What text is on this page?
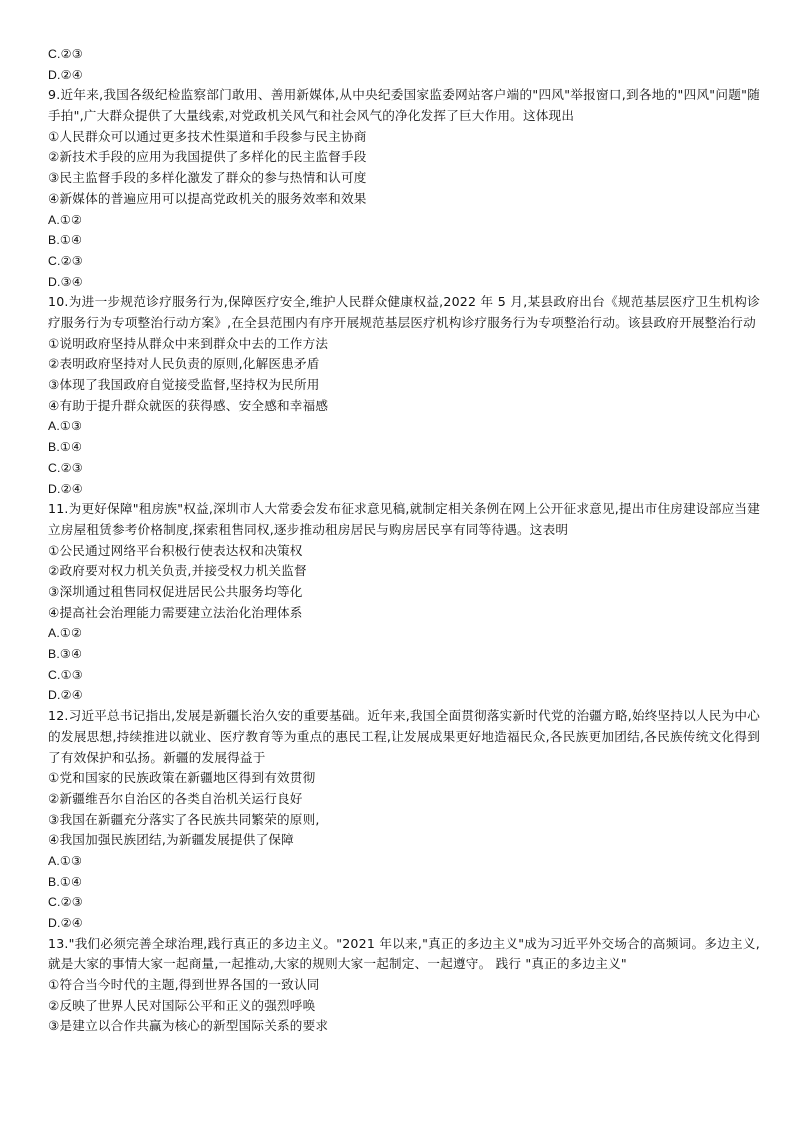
C.②③
D.②④
9.近年来,我国各级纪检监察部门敢用、善用新媒体,从中央纪委国家监委网站客户端的"四风"举报窗口,到各地的"四风"问题"随手拍",广大群众提供了大量线索,对党政机关风气和社会风气的净化发挥了巨大作用。这体现出
①人民群众可以通过更多技术性渠道和手段参与民主协商
②新技术手段的应用为我国提供了多样化的民主监督手段
③民主监督手段的多样化激发了群众的参与热情和认可度
④新媒体的普遍应用可以提高党政机关的服务效率和效果
A.①②
B.①④
C.②③
D.③④
10.为进一步规范诊疗服务行为,保障医疗安全,维护人民群众健康权益,2022 年 5 月,某县政府出台《规范基层医疗卫生机构诊疗服务行为专项整治行动方案》,在全县范围内有序开展规范基层医疗机构诊疗服务行为专项整治行动。该县政府开展整治行动
①说明政府坚持从群众中来到群众中去的工作方法
②表明政府坚持对人民负责的原则,化解医患矛盾
③体现了我国政府自觉接受监督,坚持权为民所用
④有助于提升群众就医的获得感、安全感和幸福感
A.①③
B.①④
C.②③
D.②④
11.为更好保障"租房族"权益,深圳市人大常委会发布征求意见稿,就制定相关条例在网上公开征求意见,提出市住房建设部应当建立房屋租赁参考价格制度,探索租售同权,逐步推动租房居民与购房居民享有同等待遇。这表明
①公民通过网络平台积极行使表达权和决策权
②政府要对权力机关负责,并接受权力机关监督
③深圳通过租售同权促进居民公共服务均等化
④提高社会治理能力需要建立法治化治理体系
A.①②
B.③④
C.①③
D.②④
12.习近平总书记指出,发展是新疆长治久安的重要基础。近年来,我国全面贯彻落实新时代党的治疆方略,始终坚持以人民为中心的发展思想,持续推进以就业、医疗教育等为重点的惠民工程,让发展成果更好地造福民众,各民族更加团结,各民族传统文化得到了有效保护和弘扬。新疆的发展得益于
①党和国家的民族政策在新疆地区得到有效贯彻
②新疆维吾尔自治区的各类自治机关运行良好
③我国在新疆充分落实了各民族共同繁荣的原则,
④我国加强民族团结,为新疆发展提供了保障
A.①③
B.①④
C.②③
D.②④
13."我们必须完善全球治理,践行真正的多边主义。"2021 年以来,"真正的多边主义"成为习近平外交场合的高频词。多边主义,就是大家的事情大家一起商量,一起推动,大家的规则大家一起制定、一起遵守。 践行 "真正的多边主义"
①符合当今时代的主题,得到世界各国的一致认同
②反映了世界人民对国际公平和正义的强烈呼唤
③是建立以合作共赢为核心的新型国际关系的要求
